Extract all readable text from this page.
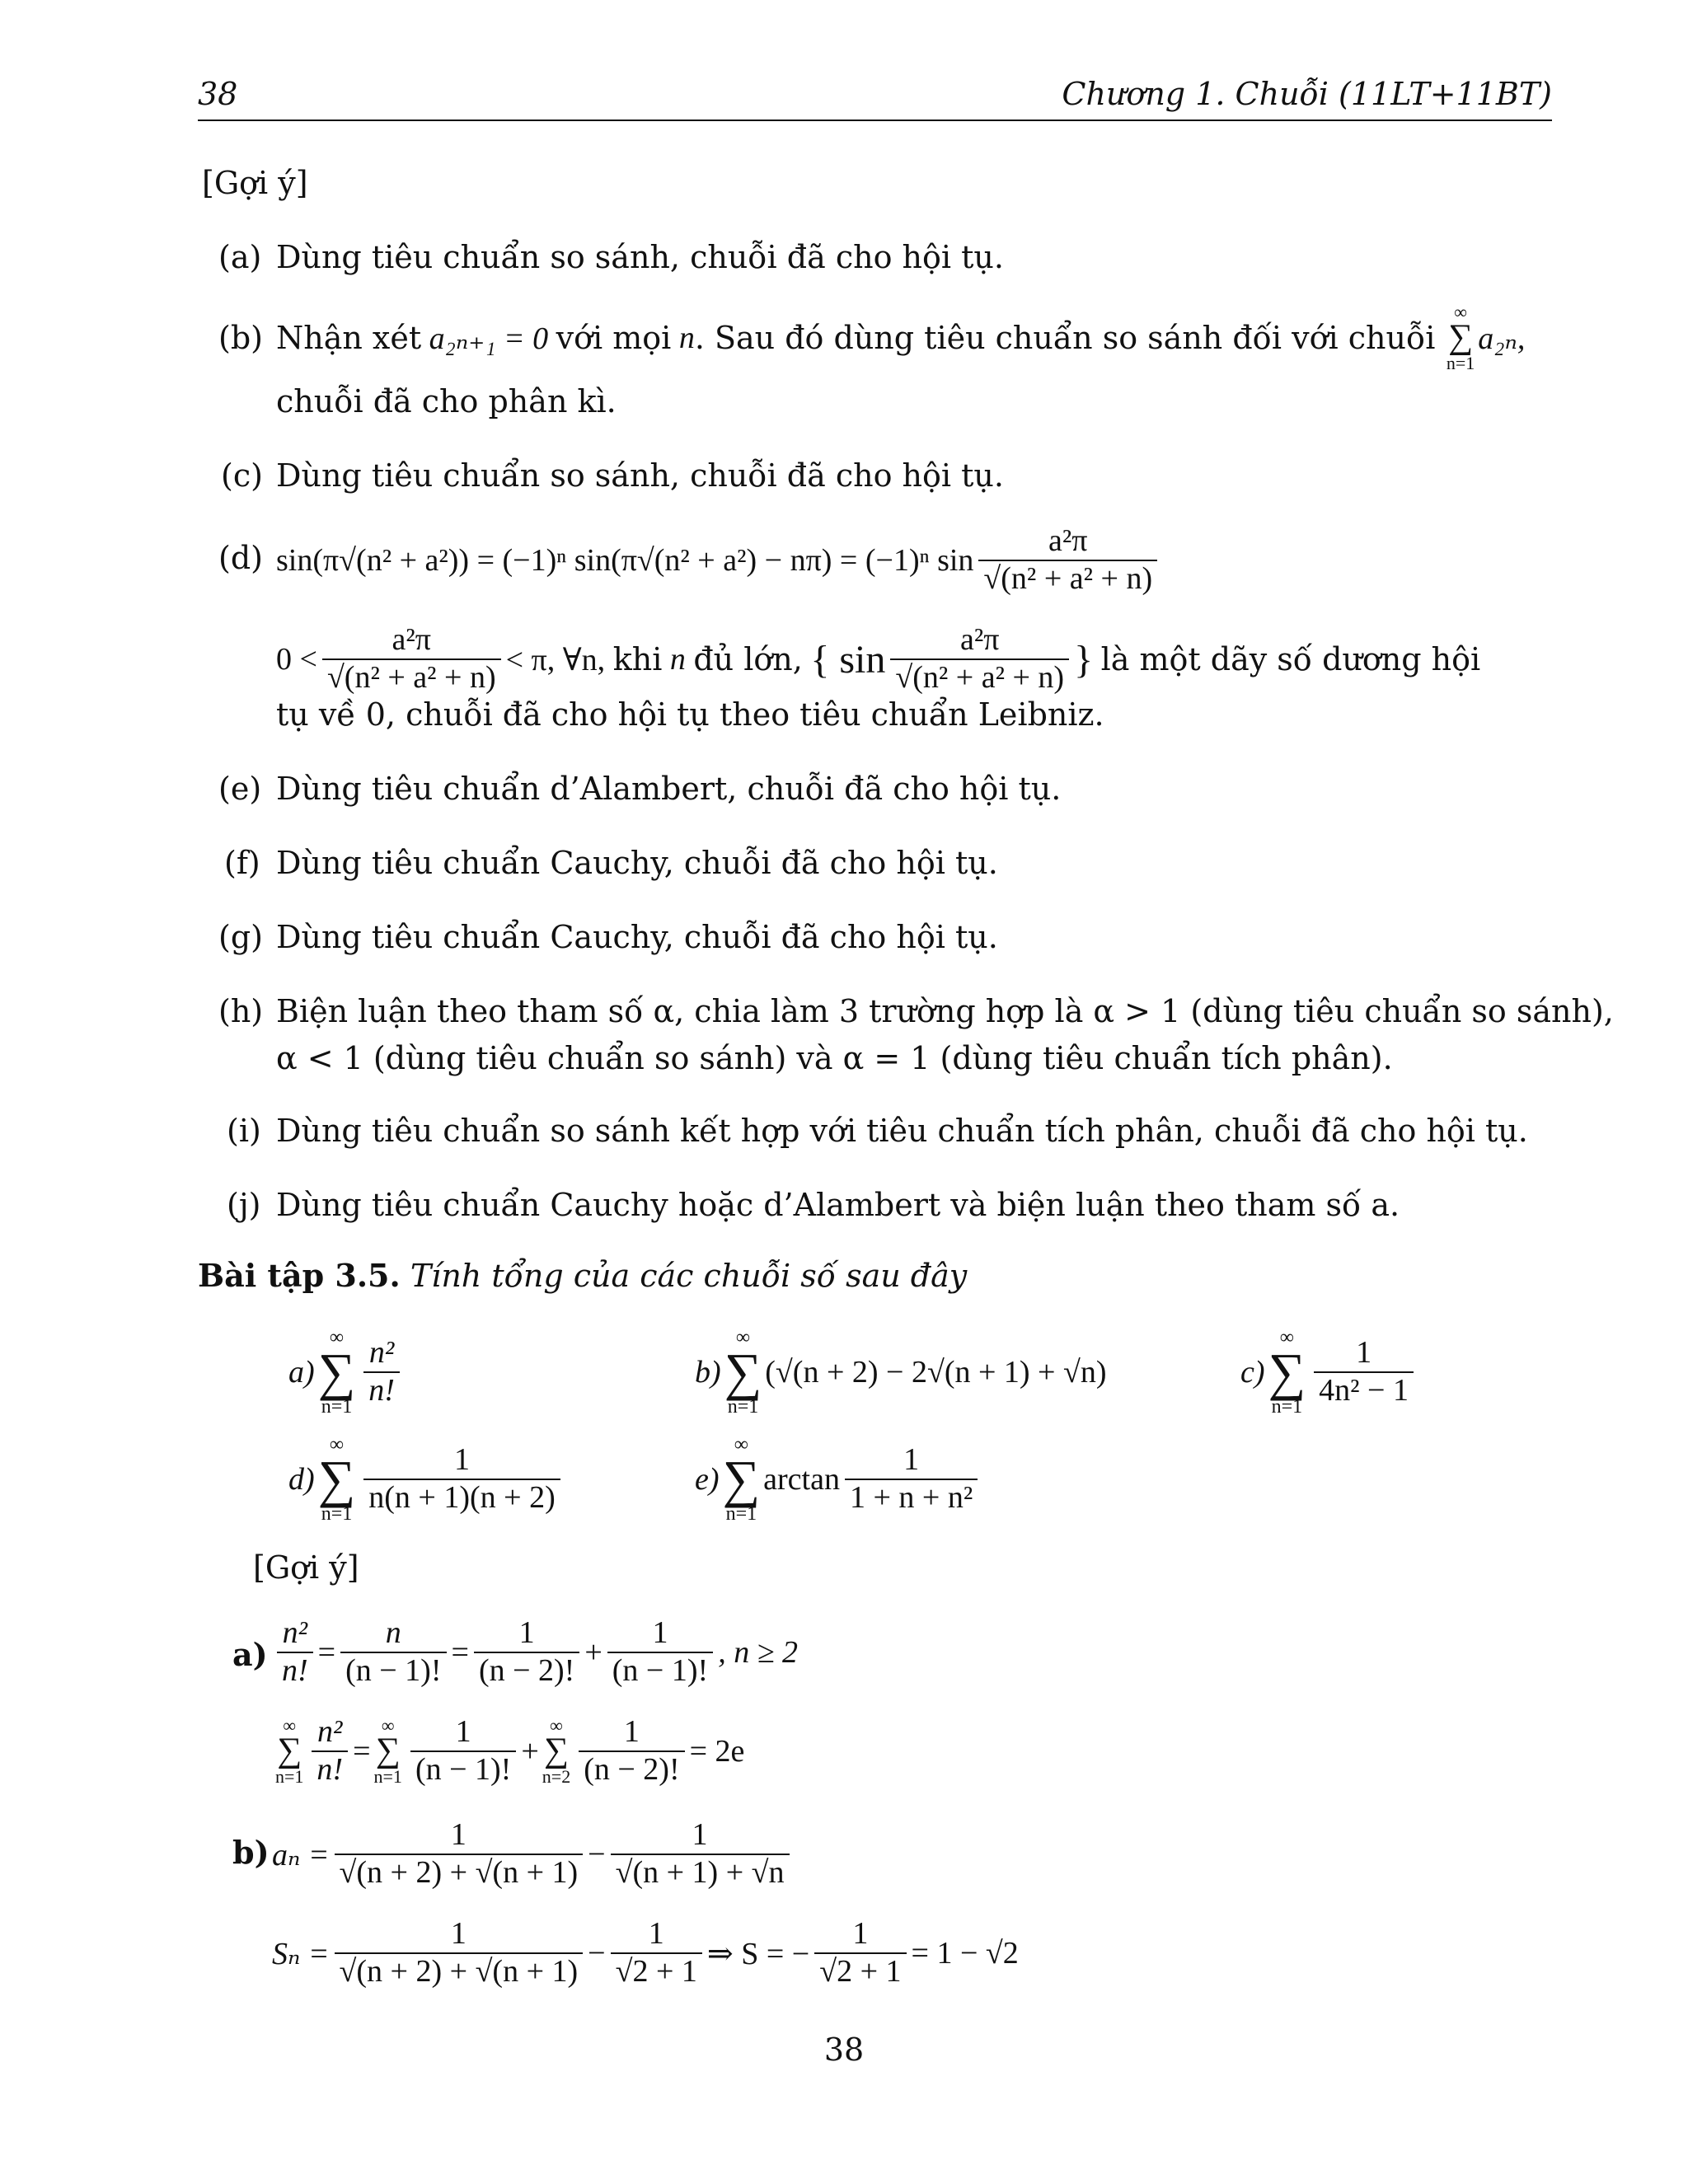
38	Chương 1. Chuỗi (11LT+11BT)
[Gợi ý]
(a) Dùng tiêu chuẩn so sánh, chuỗi đã cho hội tụ.
(b) Nhận xét
a₂ₙ₊₁ = 0
với mọi
n . Sau đó dùng tiêu chuẩn so sánh đối với chuỗi

∞
∑
n=1
a₂ₙ,
chuỗi đã cho phân kì.
(c) Dùng tiêu chuẩn so sánh, chuỗi đã cho hội tụ.
(d) sin(π√(n² + a²)) = (−1)ⁿ sin(π√(n² + a²) − nπ) = (−1)ⁿ $\sin \frac{\text{a²π}}{\text{√(n² + a² + n)}}$
$0 < \frac{\text{a²π}}{\text{√(n² + a² + n)}} < \pi$, ∀n,
khi
n
đủ lớn,
{ $\sin \frac{\text{a²π}}{\text{√(n² + a² + n)}}$ }
là một dãy số dương hội
tụ về 0, chuỗi đã cho hội tụ theo tiêu chuẩn Leibniz.
(e) Dùng tiêu chuẩn d’Alambert, chuỗi đã cho hội tụ.
(f) Dùng tiêu chuẩn Cauchy, chuỗi đã cho hội tụ.
(g) Dùng tiêu chuẩn Cauchy, chuỗi đã cho hội tụ.
(h) Biện luận theo tham số α, chia làm 3 trường hợp là α > 1 (dùng tiêu chuẩn so sánh),
α < 1 (dùng tiêu chuẩn so sánh) và α = 1 (dùng tiêu chuẩn tích phân).
(i) Dùng tiêu chuẩn so sánh kết hợp với tiêu chuẩn tích phân, chuỗi đã cho hội tụ.
(j) Dùng tiêu chuẩn Cauchy hoặc d’Alambert và biện luận theo tham số a.
Bài tập 3.5. Tính tổng của các chuỗi số sau đây
a)
∞
∑
$n=1 \frac{\text{n²}}{n!}$	b)
∞
∑
n=1
(√(n + 2) − 2√(n + 1) + √n)	c)
∞
∑
$n=1 \frac{1}{\text{4n² − 1}}$
d)
∞
∑
$n=1 \frac{1}{n(n + 1)(n + 2)}$	e)
∞
∑
n=1
$\arctan \frac{1}{\text{1 + n + n²}}$
[Gợi ý]
$a) \frac{\text{n²}}{n!} = \frac{n}{(n - 1)!} = \frac{1}{(n - 2)!} + \frac{1}{(n - 1)!}$ , n ≥ 2
∞
∑
$n=1 \frac{\text{n²}}{n!}$ =
∞
∑
$n=1 \frac{1}{(n - 1)!}$ +
∞
∑
$n=2 \frac{1}{(n - 2)!} = 2e$
b) $a_n = \frac{1}{√(n + 2) + √(n + 1)} - \frac{1}{√(n + 1) + √n}$
$S_n = \frac{1}{√(n + 2) + √(n + 1)} - \frac{1}{√2 + 1}$ ⇒ S = − $\frac{1}{√2 + 1} = 1 - √2$
38
